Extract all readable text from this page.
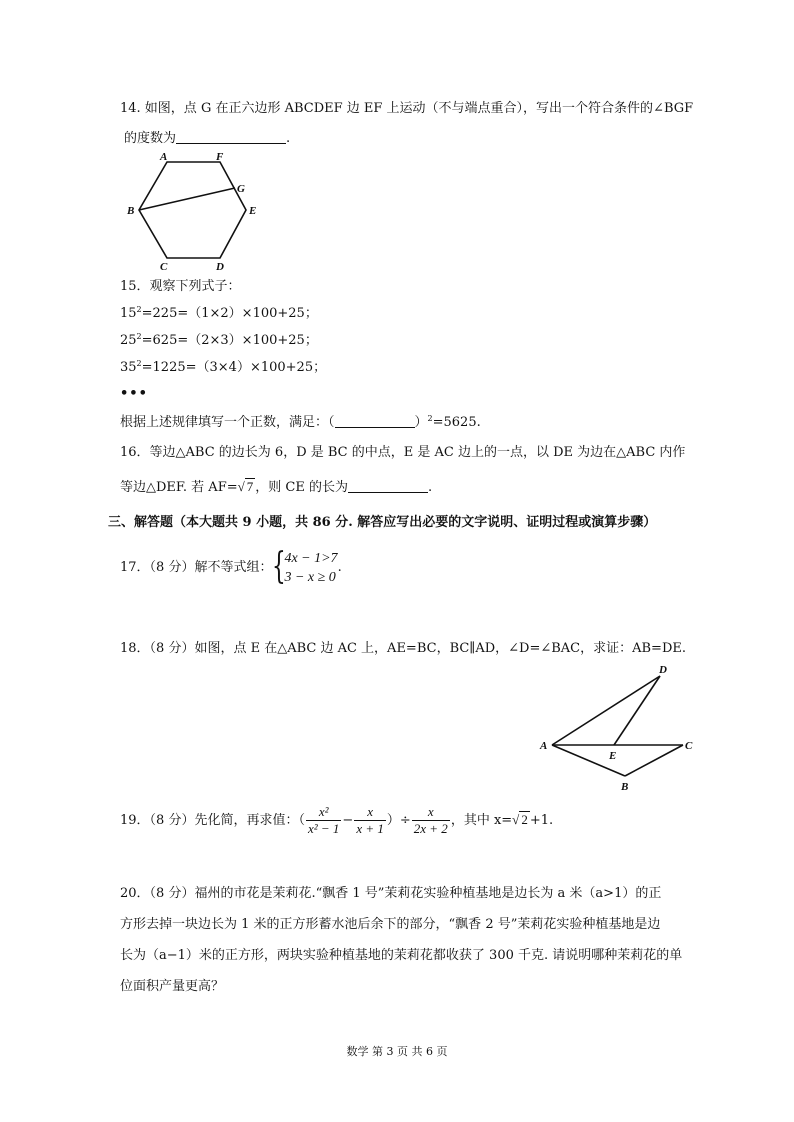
14. 如图，点 G 在正六边形 ABCDEF 边 EF 上运动（不与端点重合），写出一个符合条件的∠BGF
的度数为	.
A	F
G
B	E
C	D
15．观察下列式子：
$15^2=225=(1\times 2)\times 100+25$；
$25^2=625=(2\times 3)\times 100+25$；
$35^2=1225=(3\times 4)\times 100+25$；
•••
根据上述规律填写一个正数，满足：（	）$^2$=5625.
16．等边△ABC 的边长为 6，D 是 BC 的中点，E 是 AC 边上的一点，以 DE 为边在△ABC 内作
等边△DEF. 若 AF=√ 7 ，则 CE 的长为	.
三、解答题（本大题共 9 小题，共 86 分. 解答应写出必要的文字说明、证明过程或演算步骤）
17．（8 分）解不等式组： {
4x − 1>7
3 − x ≥ 0
.
18．（8 分）如图，点 E 在△ABC 边 AC 上，AE=BC，BC∥AD，∠D=∠BAC，求证：AB=DE.
D
A
E
C
B
19．（8 分）先化简，再求值：（ $\frac{\text{x²}}{\text{x² − 1}} - \frac{x}{x + 1}$ ）÷ $\frac{x}{2x + 2}$ ，其中 x=√ 2 +1.
20．（8 分）福州的市花是茉莉花.“飘香 1 号”茉莉花实验种植基地是边长为 a 米（a>1）的正
方形去掉一块边长为 1 米的正方形蓄水池后余下的部分，“飘香 2 号”茉莉花实验种植基地是边
长为（a−1）米的正方形，两块实验种植基地的茉莉花都收获了 300 千克. 请说明哪种茉莉花的单
位面积产量更高？
数学 第 3 页 共 6 页
